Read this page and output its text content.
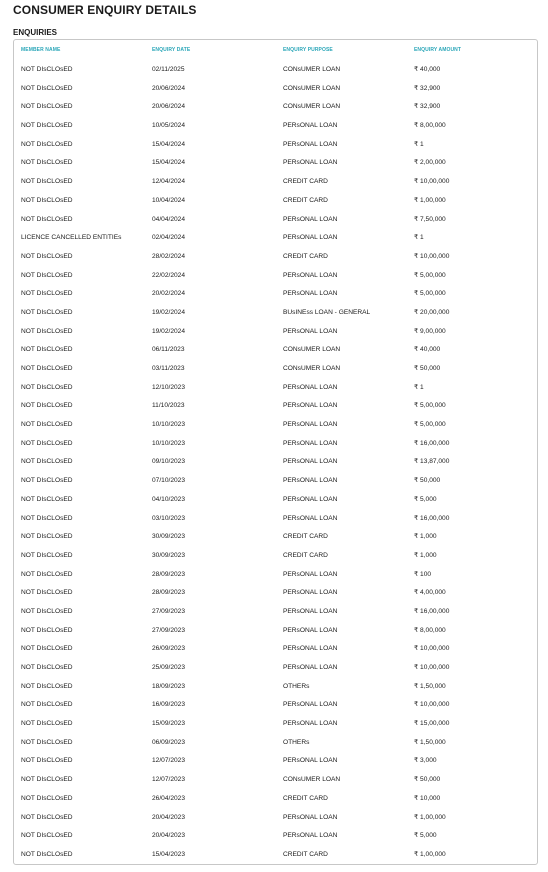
CONSUMER ENQUIRY DETAILS
ENQUIRIES
MEMBER NAME	ENQUIRY DATE	ENQUIRY PURPOSE	ENQUIRY AMOUNT
NOT DIsCLOsED	02/11/2025	CONsUMER LOAN	₹ 40,000
NOT DIsCLOsED	20/06/2024	CONsUMER LOAN	₹ 32,900
NOT DIsCLOsED	20/06/2024	CONsUMER LOAN	₹ 32,900
NOT DIsCLOsED	10/05/2024	PERsONAL LOAN	₹ 8,00,000
NOT DIsCLOsED	15/04/2024	PERsONAL LOAN	₹ 1
NOT DIsCLOsED	15/04/2024	PERsONAL LOAN	₹ 2,00,000
NOT DIsCLOsED	12/04/2024	CREDIT CARD	₹ 10,00,000
NOT DIsCLOsED	10/04/2024	CREDIT CARD	₹ 1,00,000
NOT DIsCLOsED	04/04/2024	PERsONAL LOAN	₹ 7,50,000
LICENCE CANCELLED ENTITIEs	02/04/2024	PERsONAL LOAN	₹ 1
NOT DIsCLOsED	28/02/2024	CREDIT CARD	₹ 10,00,000
NOT DIsCLOsED	22/02/2024	PERsONAL LOAN	₹ 5,00,000
NOT DIsCLOsED	20/02/2024	PERsONAL LOAN	₹ 5,00,000
NOT DIsCLOsED	19/02/2024	BUsINEss LOAN - GENERAL	₹ 20,00,000
NOT DIsCLOsED	19/02/2024	PERsONAL LOAN	₹ 9,00,000
NOT DIsCLOsED	06/11/2023	CONsUMER LOAN	₹ 40,000
NOT DIsCLOsED	03/11/2023	CONsUMER LOAN	₹ 50,000
NOT DIsCLOsED	12/10/2023	PERsONAL LOAN	₹ 1
NOT DIsCLOsED	11/10/2023	PERsONAL LOAN	₹ 5,00,000
NOT DIsCLOsED	10/10/2023	PERsONAL LOAN	₹ 5,00,000
NOT DIsCLOsED	10/10/2023	PERsONAL LOAN	₹ 16,00,000
NOT DIsCLOsED	09/10/2023	PERsONAL LOAN	₹ 13,87,000
NOT DIsCLOsED	07/10/2023	PERsONAL LOAN	₹ 50,000
NOT DIsCLOsED	04/10/2023	PERsONAL LOAN	₹ 5,000
NOT DIsCLOsED	03/10/2023	PERsONAL LOAN	₹ 16,00,000
NOT DIsCLOsED	30/09/2023	CREDIT CARD	₹ 1,000
NOT DIsCLOsED	30/09/2023	CREDIT CARD	₹ 1,000
NOT DIsCLOsED	28/09/2023	PERsONAL LOAN	₹ 100
NOT DIsCLOsED	28/09/2023	PERsONAL LOAN	₹ 4,00,000
NOT DIsCLOsED	27/09/2023	PERsONAL LOAN	₹ 16,00,000
NOT DIsCLOsED	27/09/2023	PERsONAL LOAN	₹ 8,00,000
NOT DIsCLOsED	26/09/2023	PERsONAL LOAN	₹ 10,00,000
NOT DIsCLOsED	25/09/2023	PERsONAL LOAN	₹ 10,00,000
NOT DIsCLOsED	18/09/2023	OTHERs	₹ 1,50,000
NOT DIsCLOsED	16/09/2023	PERsONAL LOAN	₹ 10,00,000
NOT DIsCLOsED	15/09/2023	PERsONAL LOAN	₹ 15,00,000
NOT DIsCLOsED	06/09/2023	OTHERs	₹ 1,50,000
NOT DIsCLOsED	12/07/2023	PERsONAL LOAN	₹ 3,000
NOT DIsCLOsED	12/07/2023	CONsUMER LOAN	₹ 50,000
NOT DIsCLOsED	26/04/2023	CREDIT CARD	₹ 10,000
NOT DIsCLOsED	20/04/2023	PERsONAL LOAN	₹ 1,00,000
NOT DIsCLOsED	20/04/2023	PERsONAL LOAN	₹ 5,000
NOT DIsCLOsED	15/04/2023	CREDIT CARD	₹ 1,00,000
